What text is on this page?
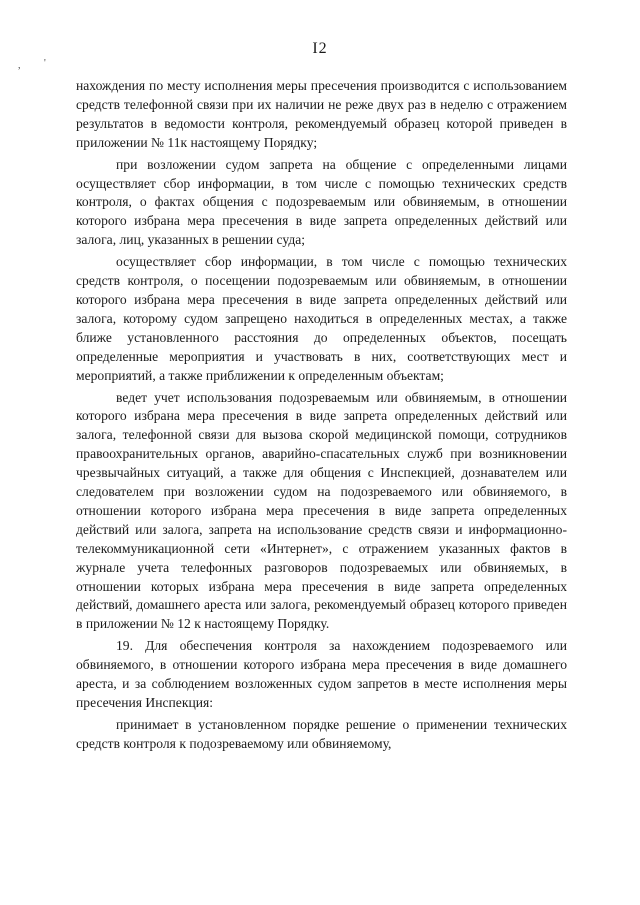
, '
I2

нахождения по месту исполнения меры пресечения производится с использованием средств телефонной связи при их наличии не реже двух раз в неделю с отражением результатов в ведомости контроля, рекомендуемый образец которой приведен в приложении № 11к настоящему Порядку;

при возложении судом запрета на общение с определенными лицами осуществляет сбор информации, в том числе с помощью технических средств контроля, о фактах общения с подозреваемым или обвиняемым, в отношении которого избрана мера пресечения в виде запрета определенных действий или залога, лиц, указанных в решении суда;

осуществляет сбор информации, в том числе с помощью технических средств контроля, о посещении подозреваемым или обвиняемым, в отношении которого избрана мера пресечения в виде запрета определенных действий или залога, которому судом запрещено находиться в определенных местах, а также ближе установленного расстояния до определенных объектов, посещать определенные мероприятия и участвовать в них, соответствующих мест и мероприятий, а также приближении к определенным объектам;

ведет учет использования подозреваемым или обвиняемым, в отношении которого избрана мера пресечения в виде запрета определенных действий или залога, телефонной связи для вызова скорой медицинской помощи, сотрудников правоохранительных органов, аварийно-спасательных служб при возникновении чрезвычайных ситуаций, а также для общения с Инспекцией, дознавателем или следователем при возложении судом на подозреваемого или обвиняемого, в отношении которого избрана мера пресечения в виде запрета определенных действий или залога, запрета на использование средств связи и информационно-телекоммуникационной сети «Интернет», с отражением указанных фактов в журнале учета телефонных разговоров подозреваемых или обвиняемых, в отношении которых избрана мера пресечения в виде запрета определенных действий, домашнего ареста или залога, рекомендуемый образец которого приведен в приложении № 12 к настоящему Порядку.

19. Для обеспечения контроля за нахождением подозреваемого или обвиняемого, в отношении которого избрана мера пресечения в виде домашнего ареста, и за соблюдением возложенных судом запретов в месте исполнения меры пресечения Инспекция:

принимает в установленном порядке решение о применении технических средств контроля к подозреваемому или обвиняемому,
